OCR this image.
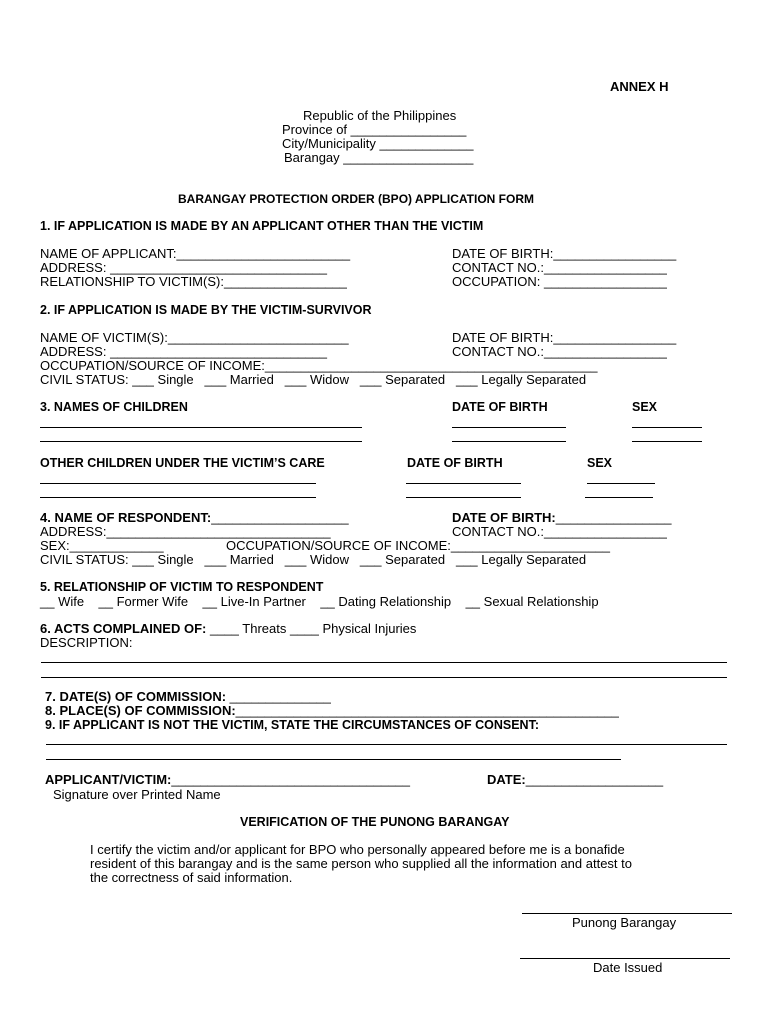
ANNEX H
Republic of the Philippines
Province of ________________
City/Municipality _____________
Barangay __________________
BARANGAY PROTECTION ORDER (BPO) APPLICATION FORM
1. IF APPLICATION IS MADE BY AN APPLICANT OTHER THAN THE VICTIM
NAME OF APPLICANT:________________________
ADDRESS: ______________________________
RELATIONSHIP TO VICTIM(S):_________________
DATE OF BIRTH:_________________
CONTACT NO.:_________________
OCCUPATION: _________________
2. IF APPLICATION IS MADE BY THE VICTIM-SURVIVOR
NAME OF VICTIM(S):_________________________
ADDRESS: ______________________________
OCCUPATION/SOURCE OF INCOME:______________________________________________
CIVIL STATUS: ___ Single   ___ Married   ___ Widow   ___ Separated   ___ Legally Separated
DATE OF BIRTH:_________________
CONTACT NO.:_________________
3. NAMES OF CHILDREN	DATE OF BIRTH	SEX
OTHER CHILDREN UNDER THE VICTIM’S CARE	DATE OF BIRTH	SEX
4. NAME OF RESPONDENT:___________________	DATE OF BIRTH:________________
ADDRESS:_______________________________	CONTACT NO.:_________________
SEX:_____________	OCCUPATION/SOURCE OF INCOME:______________________
CIVIL STATUS: ___ Single   ___ Married   ___ Widow   ___ Separated   ___ Legally Separated
5. RELATIONSHIP OF VICTIM TO RESPONDENT
__ Wife    __ Former Wife    __ Live-In Partner    __ Dating Relationship    __ Sexual Relationship
6. ACTS COMPLAINED OF: ____ Threats ____ Physical Injuries
DESCRIPTION:
7. DATE(S) OF COMMISSION: ______________
8. PLACE(S) OF COMMISSION:_____________________________________________________
9. IF APPLICANT IS NOT THE VICTIM, STATE THE CIRCUMSTANCES OF CONSENT:
APPLICANT/VICTIM:_________________________________	DATE:___________________
Signature over Printed Name
VERIFICATION OF THE PUNONG BARANGAY
I certify the victim and/or applicant for BPO who personally appeared before me is a bonafide
resident of this barangay and is the same person who supplied all the information and attest to
the correctness of said information.
Punong Barangay
Date Issued
